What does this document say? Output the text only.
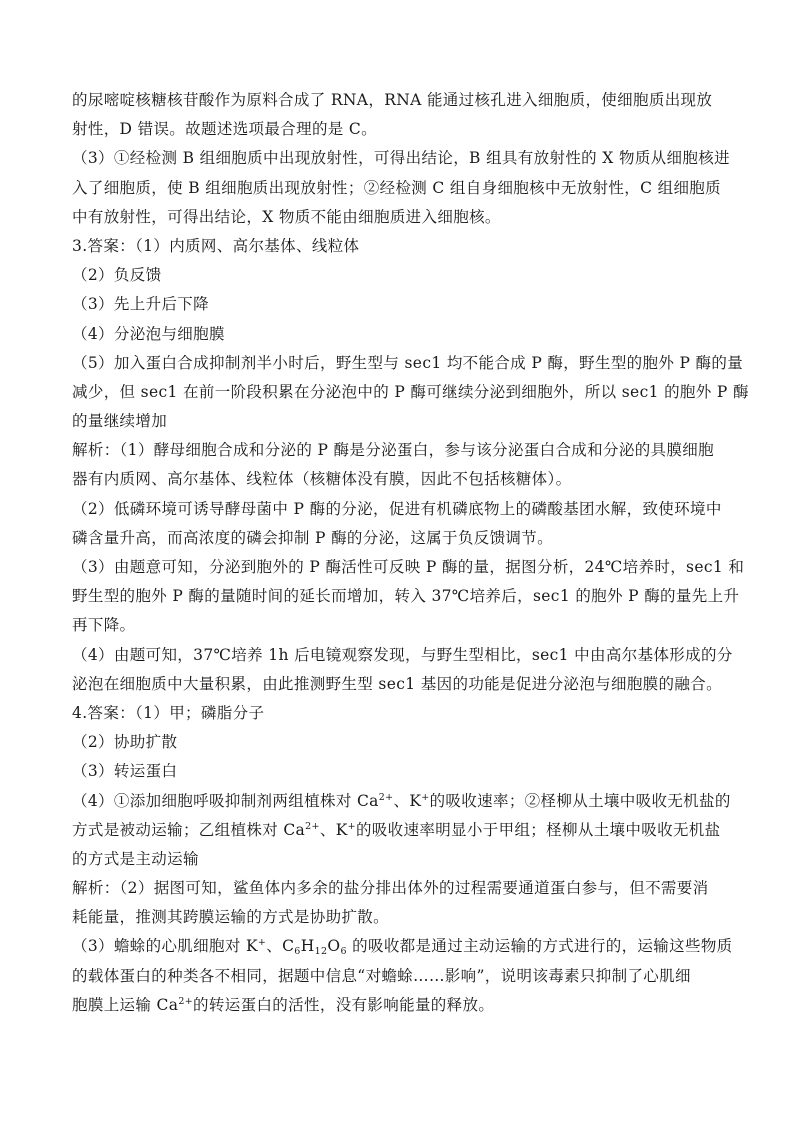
的尿嘧啶核糖核苷酸作为原料合成了 RNA，RNA 能通过核孔进入细胞质，使细胞质出现放
射性，D 错误。故题述选项最合理的是 C。
（3）①经检测 B 组细胞质中出现放射性，可得出结论，B 组具有放射性的 X 物质从细胞核进
入了细胞质，使 B 组细胞质出现放射性；②经检测 C 组自身细胞核中无放射性，C 组细胞质
中有放射性，可得出结论，X 物质不能由细胞质进入细胞核。
3.答案：（1）内质网、高尔基体、线粒体
（2）负反馈
（3）先上升后下降
（4）分泌泡与细胞膜
（5）加入蛋白合成抑制剂半小时后，野生型与 sec1 均不能合成 P 酶，野生型的胞外 P 酶的量
减少，但 sec1 在前一阶段积累在分泌泡中的 P 酶可继续分泌到细胞外，所以 sec1 的胞外 P 酶
的量继续增加
解析：（1）酵母细胞合成和分泌的 P 酶是分泌蛋白，参与该分泌蛋白合成和分泌的具膜细胞
器有内质网、高尔基体、线粒体（核糖体没有膜，因此不包括核糖体）。
（2）低磷环境可诱导酵母菌中 P 酶的分泌，促进有机磷底物上的磷酸基团水解，致使环境中
磷含量升高，而高浓度的磷会抑制 P 酶的分泌，这属于负反馈调节。
（3）由题意可知，分泌到胞外的 P 酶活性可反映 P 酶的量，据图分析，24℃培养时，sec1 和
野生型的胞外 P 酶的量随时间的延长而增加，转入 37℃培养后，sec1 的胞外 P 酶的量先上升
再下降。
（4）由题可知，37℃培养 1h 后电镜观察发现，与野生型相比，sec1 中由高尔基体形成的分
泌泡在细胞质中大量积累，由此推测野生型 sec1 基因的功能是促进分泌泡与细胞膜的融合。
4.答案：（1）甲；磷脂分子
（2）协助扩散
（3）转运蛋白
（4）①添加细胞呼吸抑制剂两组植株对 $Ca^{2+}$、K+的吸收速率；②柽柳从土壤中吸收无机盐的
方式是被动运输；乙组植株对 $Ca^{2+}$、K+的吸收速率明显小于甲组；柽柳从土壤中吸收无机盐
的方式是主动运输
解析：（2）据图可知，鲨鱼体内多余的盐分排出体外的过程需要通道蛋白参与，但不需要消
耗能量，推测其跨膜运输的方式是协助扩散。
（3）蟾蜍的心肌细胞对 K+、$C_6H_{12}O_6$ 的吸收都是通过主动运输的方式进行的，运输这些物质
的载体蛋白的种类各不相同，据题中信息“对蟾蜍……影响”，说明该毒素只抑制了心肌细
胞膜上运输 $Ca^{2+}$的转运蛋白的活性，没有影响能量的释放。
